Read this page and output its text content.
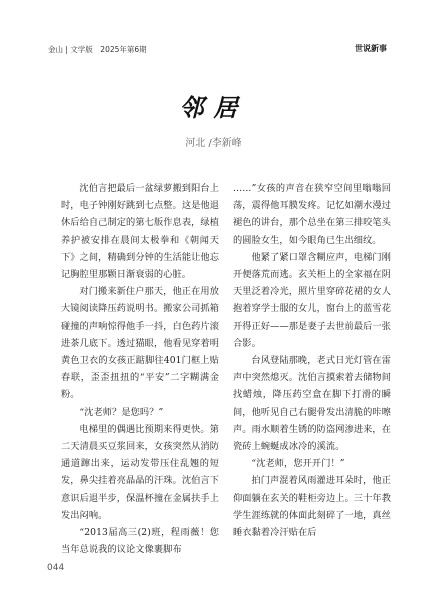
金山 | 文学版　2025年第6期	世说新事
邻居
河北 /李新峰

沈伯言把最后一盆绿萝搬到阳台上时，电子钟刚好跳到七点整。这是他退休后给自己制定的第七版作息表，绿植养护被安排在晨间太极拳和《朝闻天下》之间，精确到分钟的生活能让他忘记胸腔里那颗日渐衰弱的心脏。

对门搬来新住户那天，他正在用放大镜阅读降压药说明书。搬家公司抓箱碰撞的声响惊得他手一抖，白色药片滚进茶几底下。透过猫眼，他看见穿着明黄色卫衣的女孩正踮脚往401门框上贴春联，歪歪扭扭的“平安”二字糊满金粉。

“沈老师？是您吗？”

电梯里的偶遇比预期来得更快。第二天清晨买豆浆回来，女孩突然从消防通道蹿出来，运动发带压住乱翘的短发，鼻尖挂着亮晶晶的汗珠。沈伯言下意识后退半步，保温杯撞在金属扶手上发出闷响。

“2013届高三(2)班，程雨薇！您当年总说我的议论文像裹脚布

……”女孩的声音在狭窄空间里嗡嗡回荡，震得他耳膜发疼。记忆如潮水漫过褪色的讲台，那个总坐在第三排咬笔头的圆脸女生，如今眼角已生出细纹。

他紧了紧口罩含糊应声，电梯门刚开便落荒而逃。玄关柜上的全家福在阴天里泛着冷光，照片里穿碎花裙的女人抱着穿学士服的女儿，窗台上的蓝雪花开得正好——那是妻子去世前最后一张合影。

台风登陆那晚，老式日光灯管在雷声中突然熄灭。沈伯言摸索着去储物间找蜡烛，降压药空盒在脚下打滑的瞬间，他听见自己右腿骨发出清脆的咔嚓声。雨水顺着生锈的防盗网渗进来，在瓷砖上蜿蜒成冰冷的溪流。

“沈老师，您开开门！”

拍门声混着风雨灌进耳朵时，他正仰面躺在玄关的鞋柜旁边上。三十年教学生涯练就的体面此刻碎了一地，真丝睡衣黏着冷汗贴在后

044
